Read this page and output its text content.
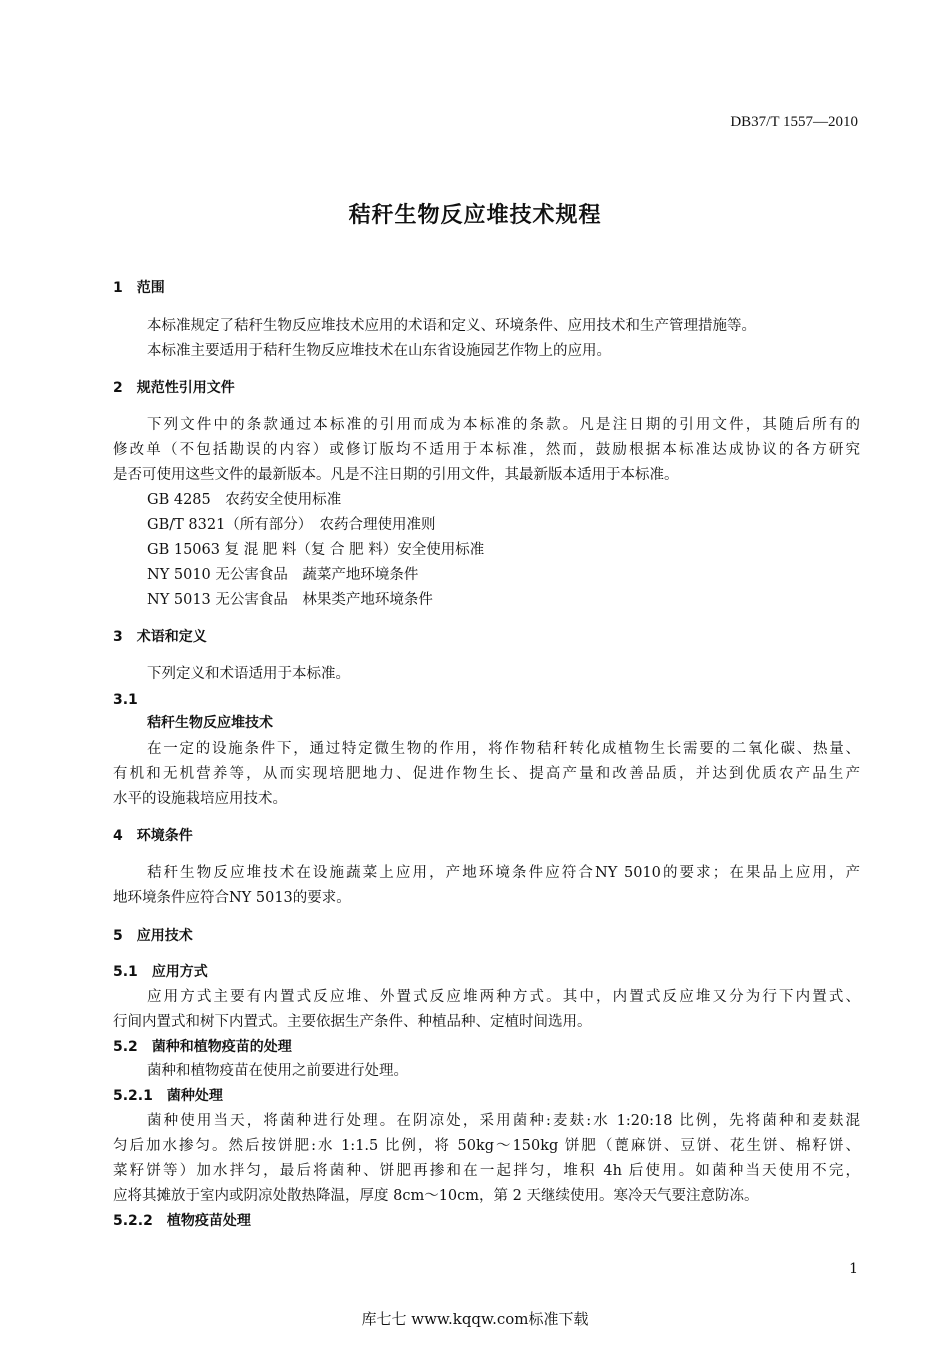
DB37/T 1557—2010
秸秆生物反应堆技术规程
1　 范围
本标准规定了秸秆生物反应堆技术应用的术语和定义、环境条件、应用技术和生产管理措施等。
本标准主要适用于秸秆生物反应堆技术在山东省设施园艺作物上的应用。
2　 规范性引用文件
下列文件中的条款通过本标准的引用而成为本标准的条款。凡是注日期的引用文件，其随后所有的
修改单（不包括勘误的内容）或修订版均不适用于本标准，然而，鼓励根据本标准达成协议的各方研究
是否可使用这些文件的最新版本。凡是不注日期的引用文件，其最新版本适用于本标准。
GB 4285　农药安全使用标准
GB/T 8321（所有部分）　农药合理使用准则
GB 15063 复 混 肥 料（复 合 肥 料）安全使用标准
NY 5010 无公害食品　蔬菜产地环境条件
NY 5013 无公害食品　林果类产地环境条件
3　 术语和定义
下列定义和术语适用于本标准。
3.1
秸秆生物反应堆技术
在一定的设施条件下，通过特定微生物的作用，将作物秸秆转化成植物生长需要的二氧化碳、热量、
有机和无机营养等，从而实现培肥地力、促进作物生长、提高产量和改善品质，并达到优质农产品生产
水平的设施栽培应用技术。
4　 环境条件
秸秆生物反应堆技术在设施蔬菜上应用，产地环境条件应符合NY 5010的要求；在果品上应用，产
地环境条件应符合NY 5013的要求。
5　 应用技术
5.1　 应用方式
应用方式主要有内置式反应堆、外置式反应堆两种方式。其中，内置式反应堆又分为行下内置式、
行间内置式和树下内置式。主要依据生产条件、种植品种、定植时间选用。
5.2　 菌种和植物疫苗的处理
菌种和植物疫苗在使用之前要进行处理。
5.2.1　 菌种处理
菌种使用当天，将菌种进行处理。在阴凉处，采用菌种:麦麸:水 1:20:18 比例，先将菌种和麦麸混
匀后加水掺匀。然后按饼肥:水 1:1.5 比例，将 50kg～150kg 饼肥（蓖麻饼、豆饼、花生饼、棉籽饼、
菜籽饼等）加水拌匀，最后将菌种、饼肥再掺和在一起拌匀，堆积 4h 后使用。如菌种当天使用不完，
应将其摊放于室内或阴凉处散热降温，厚度 8cm～10cm，第 2 天继续使用。寒冷天气要注意防冻。
5.2.2　 植物疫苗处理
1
库七七 www.kqqw.com标准下载
